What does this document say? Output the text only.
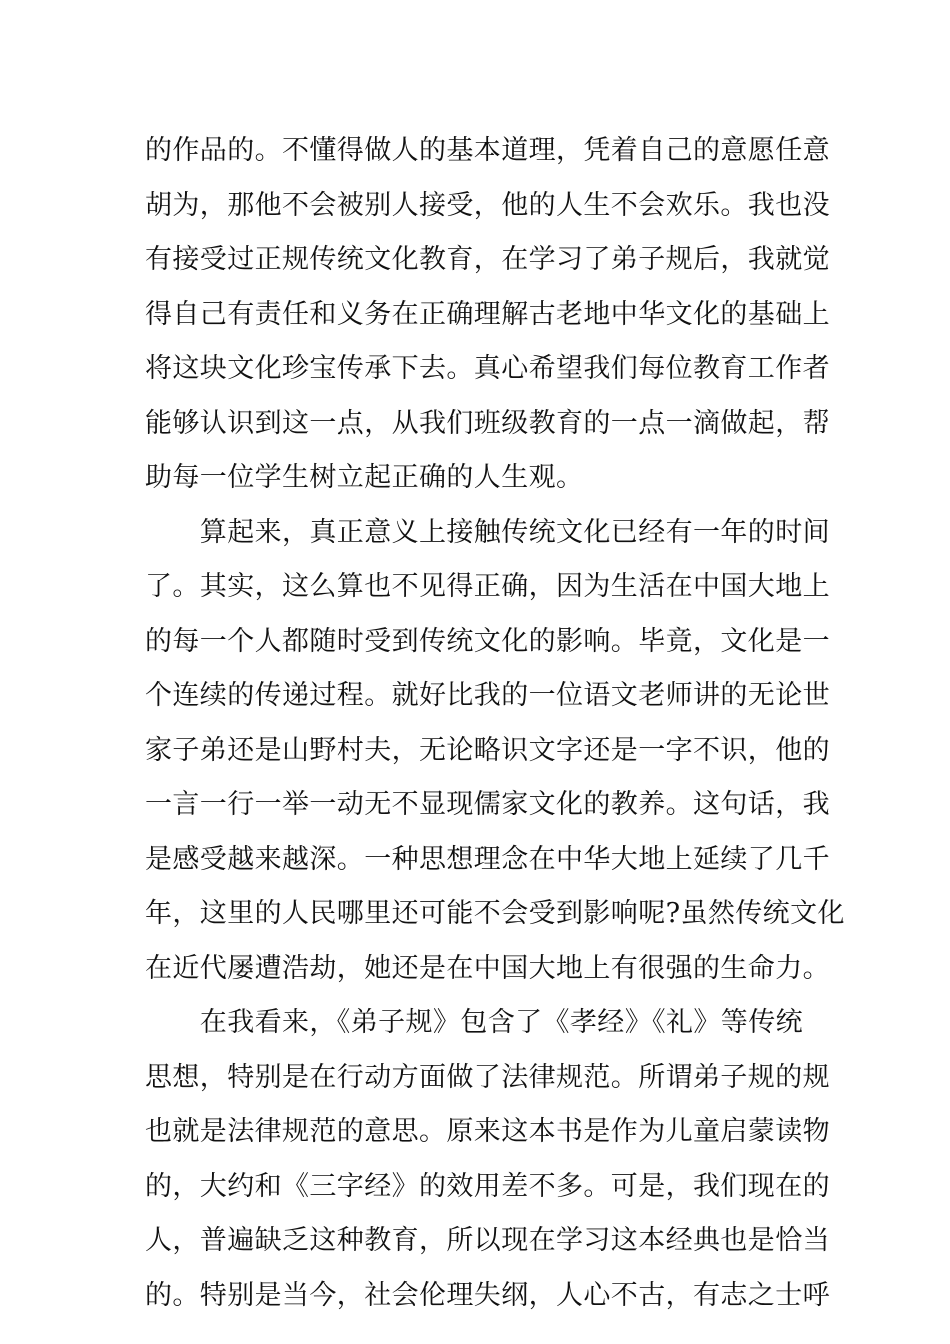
的作品的。不懂得做人的基本道理，凭着自己的意愿任意
胡为，那他不会被别人接受，他的人生不会欢乐。我也没
有接受过正规传统文化教育，在学习了弟子规后，我就觉
得自己有责任和义务在正确理解古老地中华文化的基础上
将这块文化珍宝传承下去。真心希望我们每位教育工作者
能够认识到这一点，从我们班级教育的一点一滴做起，帮
助每一位学生树立起正确的人生观。
　　算起来，真正意义上接触传统文化已经有一年的时间
了。其实，这么算也不见得正确，因为生活在中国大地上
的每一个人都随时受到传统文化的影响。毕竟，文化是一
个连续的传递过程。就好比我的一位语文老师讲的无论世
家子弟还是山野村夫，无论略识文字还是一字不识，他的
一言一行一举一动无不显现儒家文化的教养。这句话，我
是感受越来越深。一种思想理念在中华大地上延续了几千
年，这里的人民哪里还可能不会受到影响呢?虽然传统文化
在近代屡遭浩劫，她还是在中国大地上有很强的生命力。
　　在我看来，《弟子规》包含了《孝经》《礼》等传统
思想，特别是在行动方面做了法律规范。所谓弟子规的规
也就是法律规范的意思。原来这本书是作为儿童启蒙读物
的，大约和《三字经》的效用差不多。可是，我们现在的
人，普遍缺乏这种教育，所以现在学习这本经典也是恰当
的。特别是当今，社会伦理失纲，人心不古，有志之士呼
